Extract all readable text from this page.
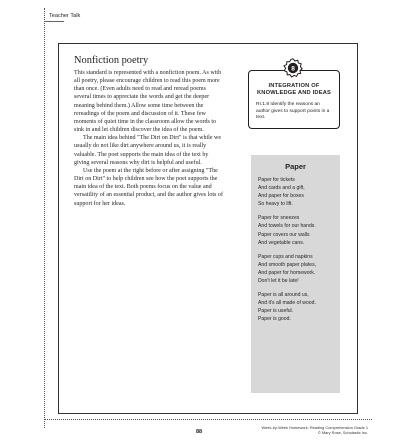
Teacher Talk
Nonfiction poetry

This standard is represented with a nonfiction poem. As with all poetry, please encourage children to read this poem more than once. (Even adults need to read and reread poems several times to appreciate the words and get the deeper meaning behind them.) Allow some time between the rereadings of the poem and discussion of it. These few moments of quiet time in the classroom allow the words to sink in and let children discover the idea of the poem.

The main idea behind "The Dirt on Dirt" is that while we usually do not like dirt anywhere around us, it is really valuable. The poet supports the main idea of the text by giving several reasons why dirt is helpful and useful.

Use the poem at the right before or after assigning "The Dirt on Dirt" to help children see how the poet supports the main idea of the text. Both poems focus on the value and versatility of an essential product, and the author gives lots of support for her ideas.

INTEGRATION OF
KNOWLEDGE AND IDEAS
RI.1.8 Identify the reasons an author gives to support points in a text.
8
Paper
Paper for tickets
And cards and a gift,
And paper for boxes
So heavy to lift.
Paper for sneezes
And towels for our hands.
Paper covers our walls
And vegetable cans.
Paper cups and napkins
And smooth paper plates,
And paper for homework.
Don't let it be late!
Paper is all around us,
And it's all made of wood.
Paper is useful.
Paper is good.
88
Week-by-Week Homework: Reading Comprehension Grade 1
© Mary Rose, Scholastic Inc.
